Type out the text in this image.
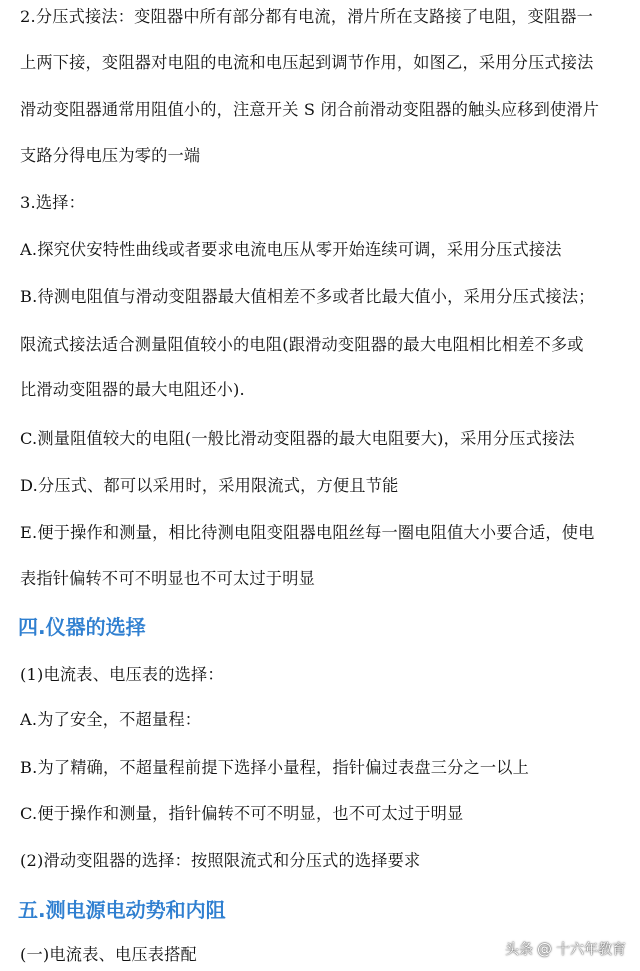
2.分压式接法：变阻器中所有部分都有电流，滑片所在支路接了电阻，变阻器一
上两下接，变阻器对电阻的电流和电压起到调节作用，如图乙，采用分压式接法
滑动变阻器通常用阻值小的，注意开关 S 闭合前滑动变阻器的触头应移到使滑片
支路分得电压为零的一端
3.选择：
A.探究伏安特性曲线或者要求电流电压从零开始连续可调，采用分压式接法
B.待测电阻值与滑动变阻器最大值相差不多或者比最大值小，采用分压式接法；
限流式接法适合测量阻值较小的电阻(跟滑动变阻器的最大电阻相比相差不多或
比滑动变阻器的最大电阻还小).
C.测量阻值较大的电阻(一般比滑动变阻器的最大电阻要大)，采用分压式接法
D.分压式、都可以采用时，采用限流式，方便且节能
E.便于操作和测量，相比待测电阻变阻器电阻丝每一圈电阻值大小要合适，使电
表指针偏转不可不明显也不可太过于明显
四.仪器的选择
(1)电流表、电压表的选择：
A.为了安全，不超量程：
B.为了精确，不超量程前提下选择小量程，指针偏过表盘三分之一以上
C.便于操作和测量，指针偏转不可不明显，也不可太过于明显
(2)滑动变阻器的选择：按照限流式和分压式的选择要求
五.测电源电动势和内阻
(一)电流表、电压表搭配	头条 @ 十六年教育
